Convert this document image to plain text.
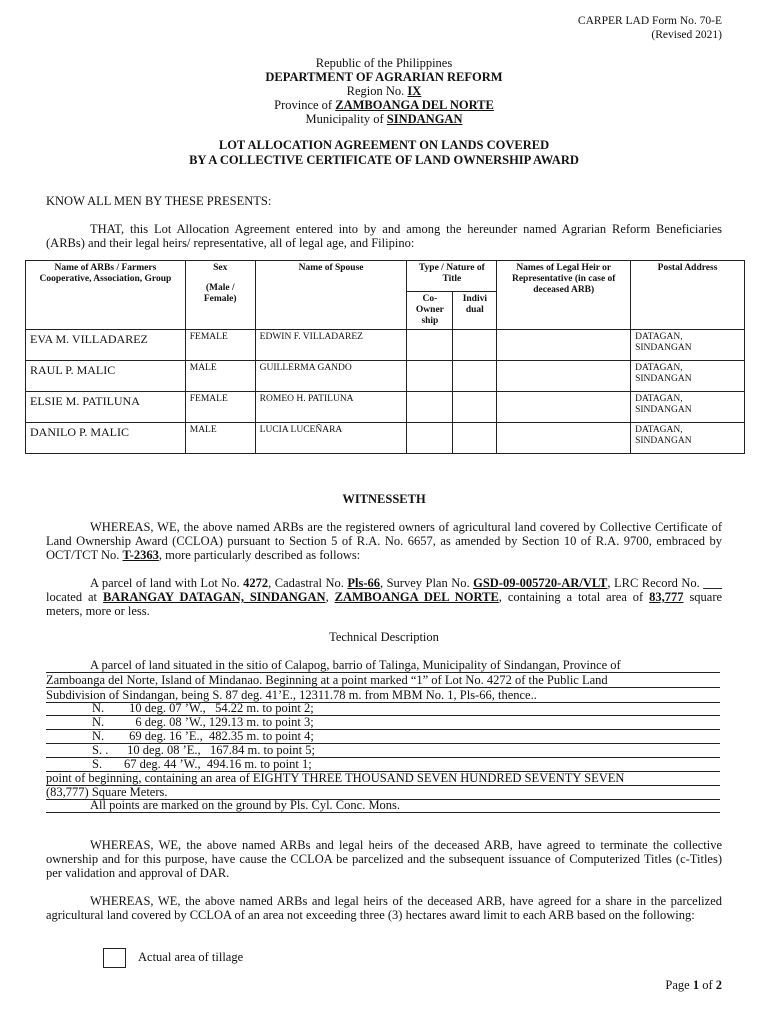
CARPER LAD Form No. 70-E
(Revised 2021)
Republic of the Philippines
DEPARTMENT OF AGRARIAN REFORM
Region No. IX
Province of ZAMBOANGA DEL NORTE
Municipality of SINDANGAN
LOT ALLOCATION AGREEMENT ON LANDS COVERED
BY A COLLECTIVE CERTIFICATE OF LAND OWNERSHIP AWARD
KNOW ALL MEN BY THESE PRESENTS:
THAT, this Lot Allocation Agreement entered into by and among the hereunder named Agrarian Reform Beneficiaries (ARBs) and their legal heirs/ representative, all of legal age, and Filipino:
Name of ARBs / Farmers Cooperative, Association, Group	Sex
(Male / Female)	Name of Spouse	Type / Nature of Title		Names of Legal Heir or Representative (in case of deceased ARB)	Postal Address
			Co-Owner ship	Indivi dual		
EVA M. VILLADAREZ	FEMALE	EDWIN F. VILLADAREZ				DATAGAN, SINDANGAN
RAUL P. MALIC	MALE	GUILLERMA GANDO				DATAGAN, SINDANGAN
ELSIE M. PATILUNA	FEMALE	ROMEO H. PATILUNA				DATAGAN, SINDANGAN
DANILO P. MALIC	MALE	LUCIA LUCEÑARA				DATAGAN, SINDANGAN
WITNESSETH
WHEREAS, WE, the above named ARBs are the registered owners of agricultural land covered by Collective Certificate of Land Ownership Award (CCLOA) pursuant to Section 5 of R.A. No. 6657, as amended by Section 10 of R.A. 9700, embraced by OCT/TCT No. T-2363, more particularly described as follows:
A parcel of land with Lot No. 4272, Cadastral No. Pls-66, Survey Plan No. GSD-09-005720-AR/VLT, LRC Record No. ___ located at BARANGAY DATAGAN, SINDANGAN, ZAMBOANGA DEL NORTE, containing a total area of 83,777 square meters, more or less.
Technical Description
A parcel of land situated in the sitio of Calapog, barrio of Talinga, Municipality of Sindangan, Province of
Zamboanga del Norte, Island of Mindanao. Beginning at a point marked “1” of Lot No. 4272 of the Public Land
Subdivision of Sindangan, being S. 87 deg. 41’E., 12311.78 m. from MBM No. 1, Pls-66, thence..
N.        10 deg. 07 ’W.,   54.22 m. to point 2;
N.          6 deg. 08 ’W., 129.13 m. to point 3;
N.        69 deg. 16 ’E.,  482.35 m. to point 4;
S. .      10 deg. 08 ’E.,   167.84 m. to point 5;
S.       67 deg. 44 ’W.,  494.16 m. to point 1;
point of beginning, containing an area of EIGHTY THREE THOUSAND SEVEN HUNDRED SEVENTY SEVEN
(83,777) Square Meters.
All points are marked on the ground by Pls. Cyl. Conc. Mons.
WHEREAS, WE, the above named ARBs and legal heirs of the deceased ARB, have agreed to terminate the collective ownership and for this purpose, have cause the CCLOA be parcelized and the subsequent issuance of Computerized Titles (c-Titles) per validation and approval of DAR.
WHEREAS, WE, the above named ARBs and legal heirs of the deceased ARB, have agreed for a share in the parcelized agricultural land covered by CCLOA of an area not exceeding three (3) hectares award limit to each ARB based on the following:
Actual area of tillage
Page 1 of 2
